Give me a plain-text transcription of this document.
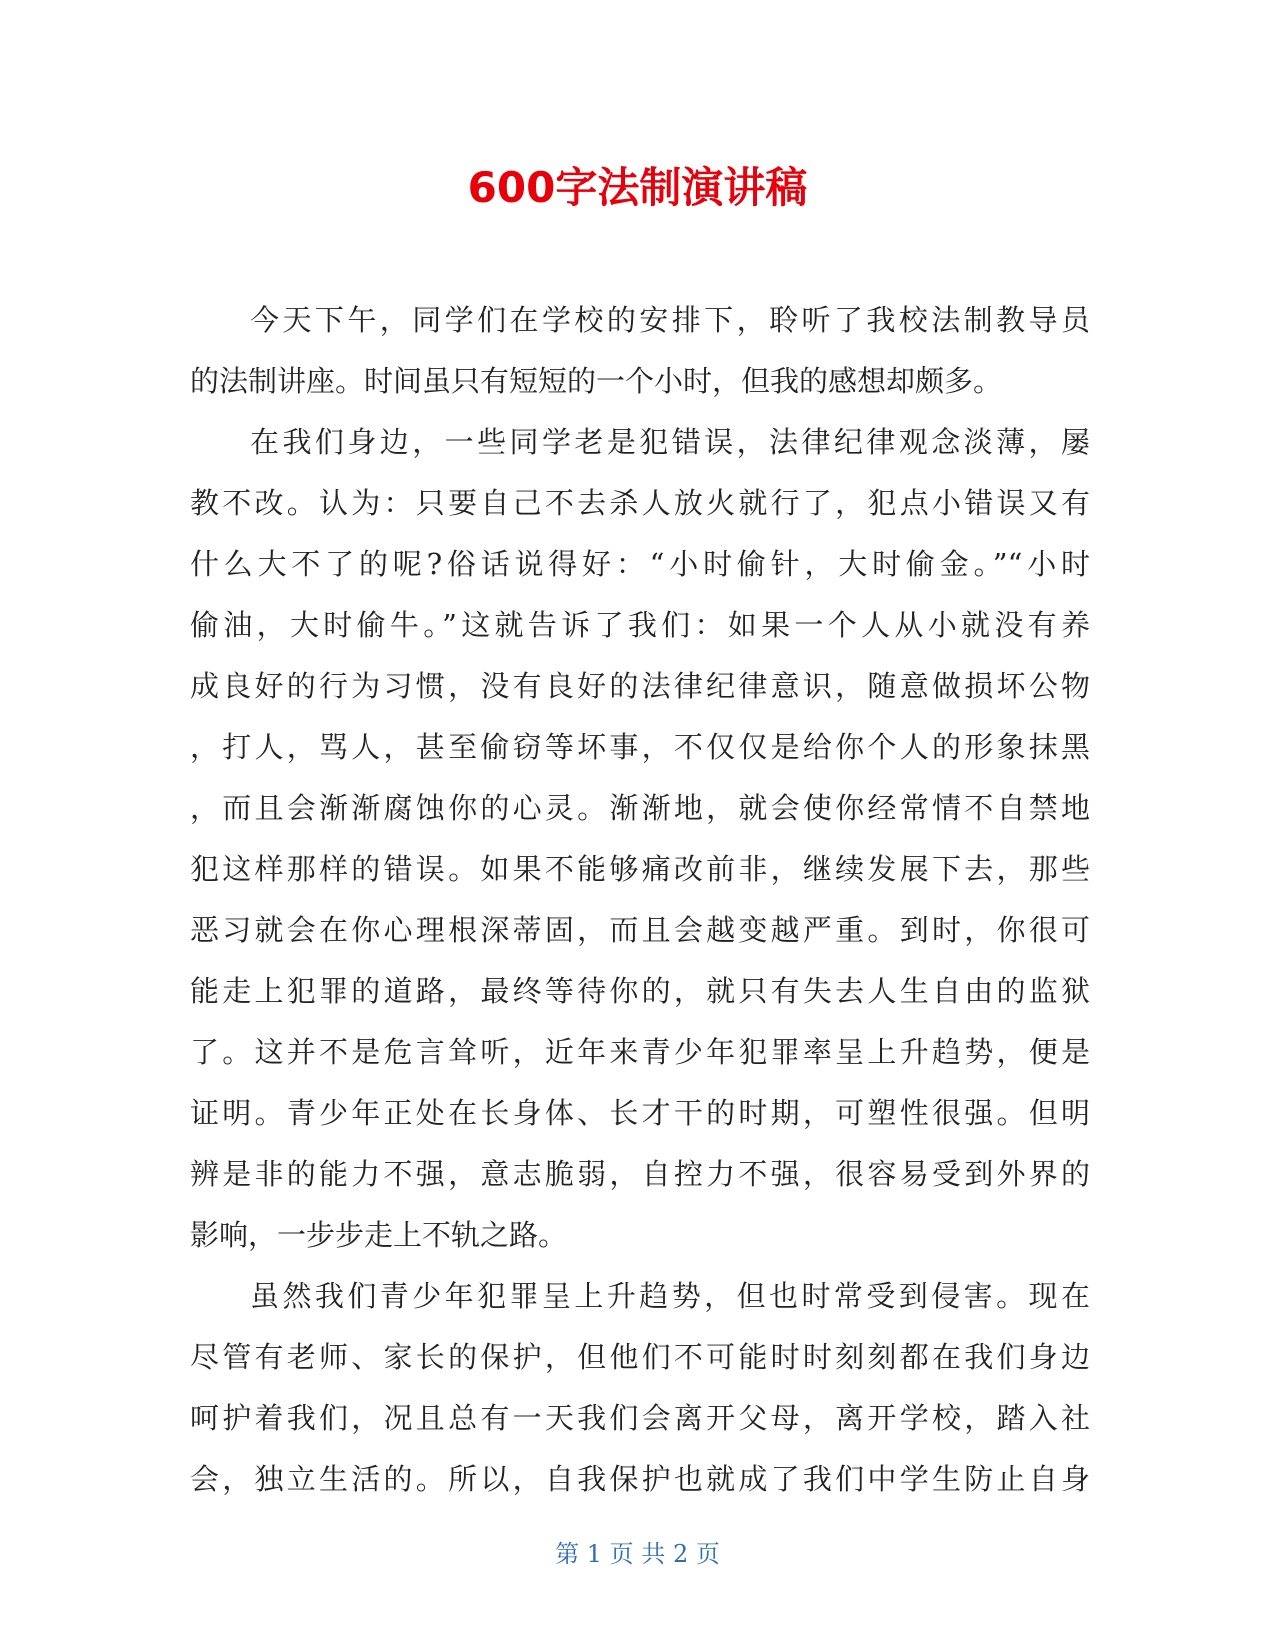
600字法制演讲稿
今天下午，同学们在学校的安排下，聆听了我校法制教导员
的法制讲座。时间虽只有短短的一个小时，但我的感想却颇多。
在我们身边，一些同学老是犯错误，法律纪律观念淡薄，屡
教不改。认为：只要自己不去杀人放火就行了，犯点小错误又有
什么大不了的呢?俗话说得好：“小时偷针，大时偷金。”“小时
偷油，大时偷牛。”这就告诉了我们：如果一个人从小就没有养
成良好的行为习惯，没有良好的法律纪律意识，随意做损坏公物
，打人，骂人，甚至偷窃等坏事，不仅仅是给你个人的形象抹黑
，而且会渐渐腐蚀你的心灵。渐渐地，就会使你经常情不自禁地
犯这样那样的错误。如果不能够痛改前非，继续发展下去，那些
恶习就会在你心理根深蒂固，而且会越变越严重。到时，你很可
能走上犯罪的道路，最终等待你的，就只有失去人生自由的监狱
了。这并不是危言耸听，近年来青少年犯罪率呈上升趋势，便是
证明。青少年正处在长身体、长才干的时期，可塑性很强。但明
辨是非的能力不强，意志脆弱，自控力不强，很容易受到外界的
影响，一步步走上不轨之路。
虽然我们青少年犯罪呈上升趋势，但也时常受到侵害。现在
尽管有老师、家长的保护，但他们不可能时时刻刻都在我们身边
呵护着我们，况且总有一天我们会离开父母，离开学校，踏入社
会，独立生活的。所以，自我保护也就成了我们中学生防止自身
第 1 页 共 2 页
